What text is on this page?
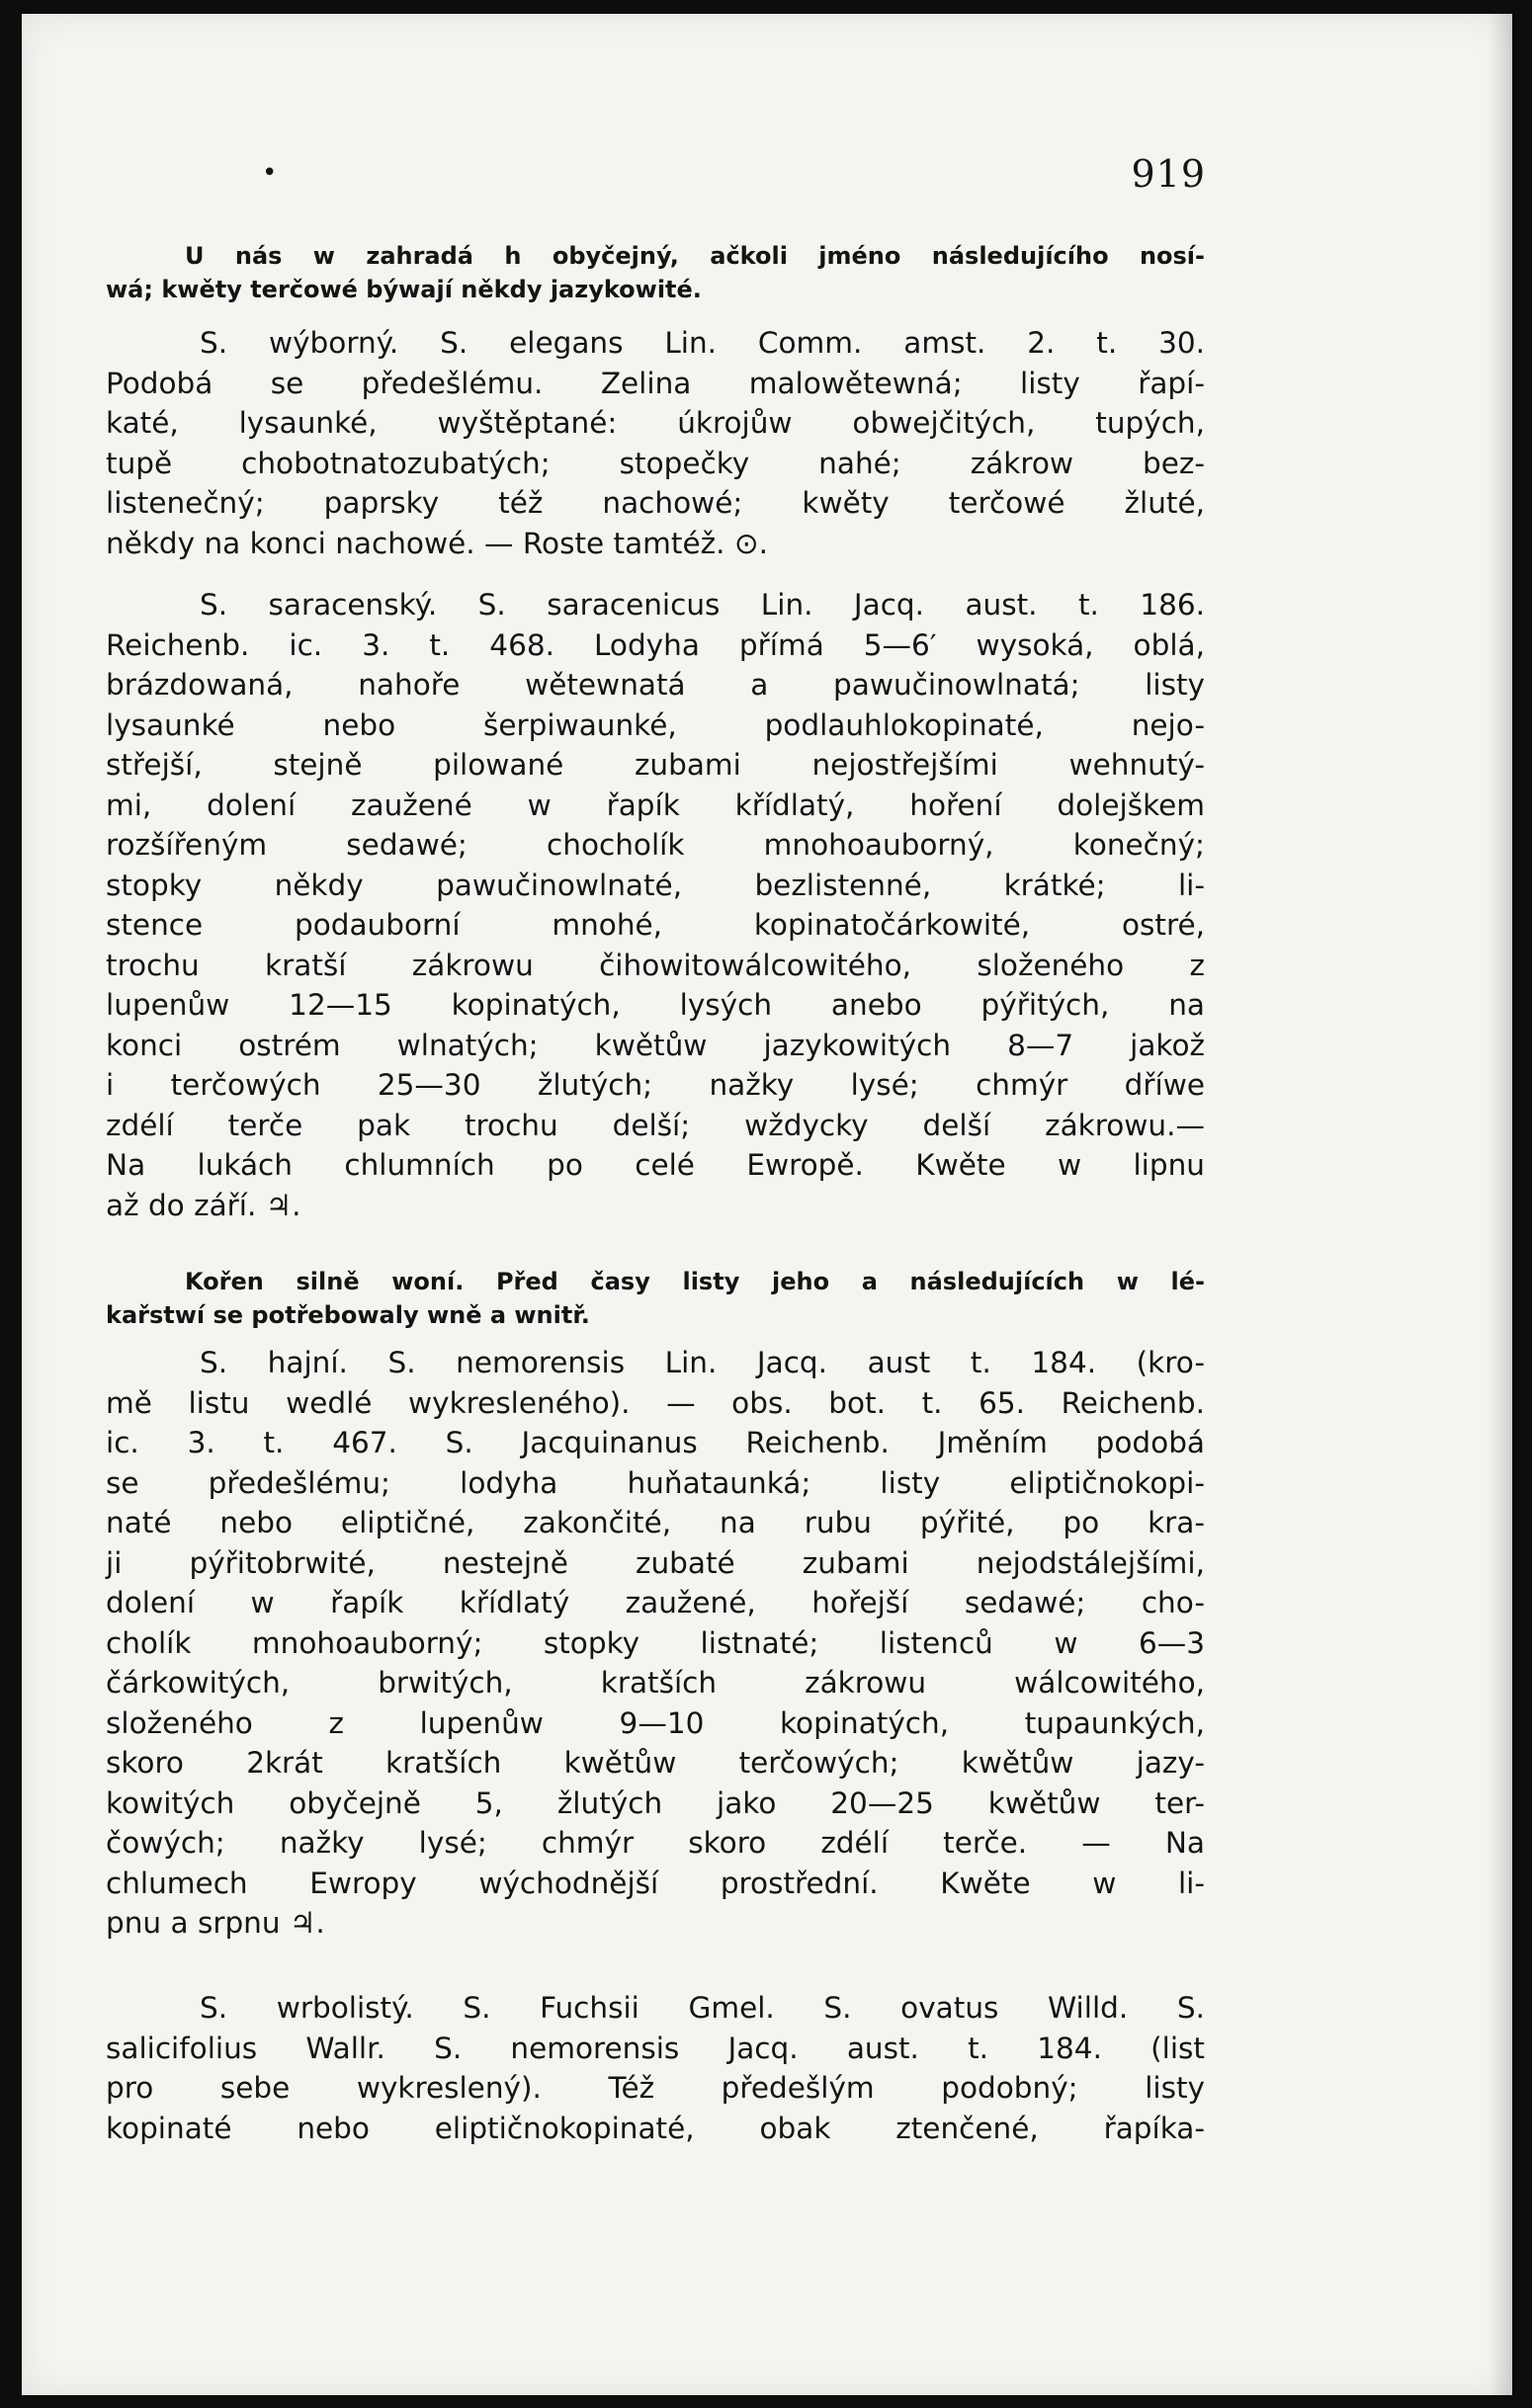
•	919
U nás w zahradá h obyčejný, ačkoli jméno následujícího nosí-
wá; kwěty terčowé býwají někdy jazykowité.
S. wýborný. S. elegans Lin. Comm. amst. 2. t. 30.
Podobá se předešlému. Zelina malowětewná; listy řapí-
katé, lysaunké, wyštěptané: úkrojůw obwejčitých, tupých,
tupě chobotnatozubatých; stopečky nahé; zákrow bez-
listenečný; paprsky též nachowé; kwěty terčowé žluté,
někdy na konci nachowé. — Roste tamtéž. ⊙.
S. saracenský. S. saracenicus Lin. Jacq. aust. t. 186.
Reichenb. ic. 3. t. 468. Lodyha přímá 5—6′ wysoká, oblá,
brázdowaná, nahoře wětewnatá a pawučinowlnatá; listy
lysaunké nebo šerpiwaunké, podlauhlokopinaté, nejo-
střejší, stejně pilowané zubami nejostřejšími wehnutý-
mi, dolení zaužené w řapík křídlatý, hoření dolejškem
rozšířeným sedawé; chocholík mnohoauborný, konečný;
stopky někdy pawučinowlnaté, bezlistenné, krátké; li-
stence podauborní mnohé, kopinatočárkowité, ostré,
trochu kratší zákrowu čihowitowálcowitého, složeného z
lupenůw 12—15 kopinatých, lysých anebo pýřitých, na
konci ostrém wlnatých; kwětůw jazykowitých 8—7 jakož
i terčowých 25—30 žlutých; nažky lysé; chmýr dříwe
zdélí terče pak trochu delší; wždycky delší zákrowu.—
Na lukách chlumních po celé Ewropě. Kwěte w lipnu
až do září. ♃.
Kořen silně woní. Před časy listy jeho a následujících w lé-
kařstwí se potřebowaly wně a wnitř.
S. hajní. S. nemorensis Lin. Jacq. aust t. 184. (kro-
mě listu wedlé wykresleného). — obs. bot. t. 65. Reichenb.
ic. 3. t. 467. S. Jacquinanus Reichenb. Jměním podobá
se předešlému; lodyha huňataunká; listy eliptičnokopi-
naté nebo eliptičné, zakončité, na rubu pýřité, po kra-
ji pýřitobrwité, nestejně zubaté zubami nejodstálejšími,
dolení w řapík křídlatý zaužené, hořejší sedawé; cho-
cholík mnohoauborný; stopky listnaté; listenců w 6—3
čárkowitých, brwitých, kratších zákrowu wálcowitého,
složeného z lupenůw 9—10 kopinatých, tupaunkých,
skoro 2krát kratších kwětůw terčowých; kwětůw jazy-
kowitých obyčejně 5, žlutých jako 20—25 kwětůw ter-
čowých; nažky lysé; chmýr skoro zdélí terče. — Na
chlumech Ewropy wýchodnější prostřední. Kwěte w li-
pnu a srpnu ♃.
S. wrbolistý. S. Fuchsii Gmel. S. ovatus Willd. S.
salicifolius Wallr. S. nemorensis Jacq. aust. t. 184. (list
pro sebe wykreslený). Též předešlým podobný; listy
kopinaté nebo eliptičnokopinaté, obak ztenčené, řapíka-
